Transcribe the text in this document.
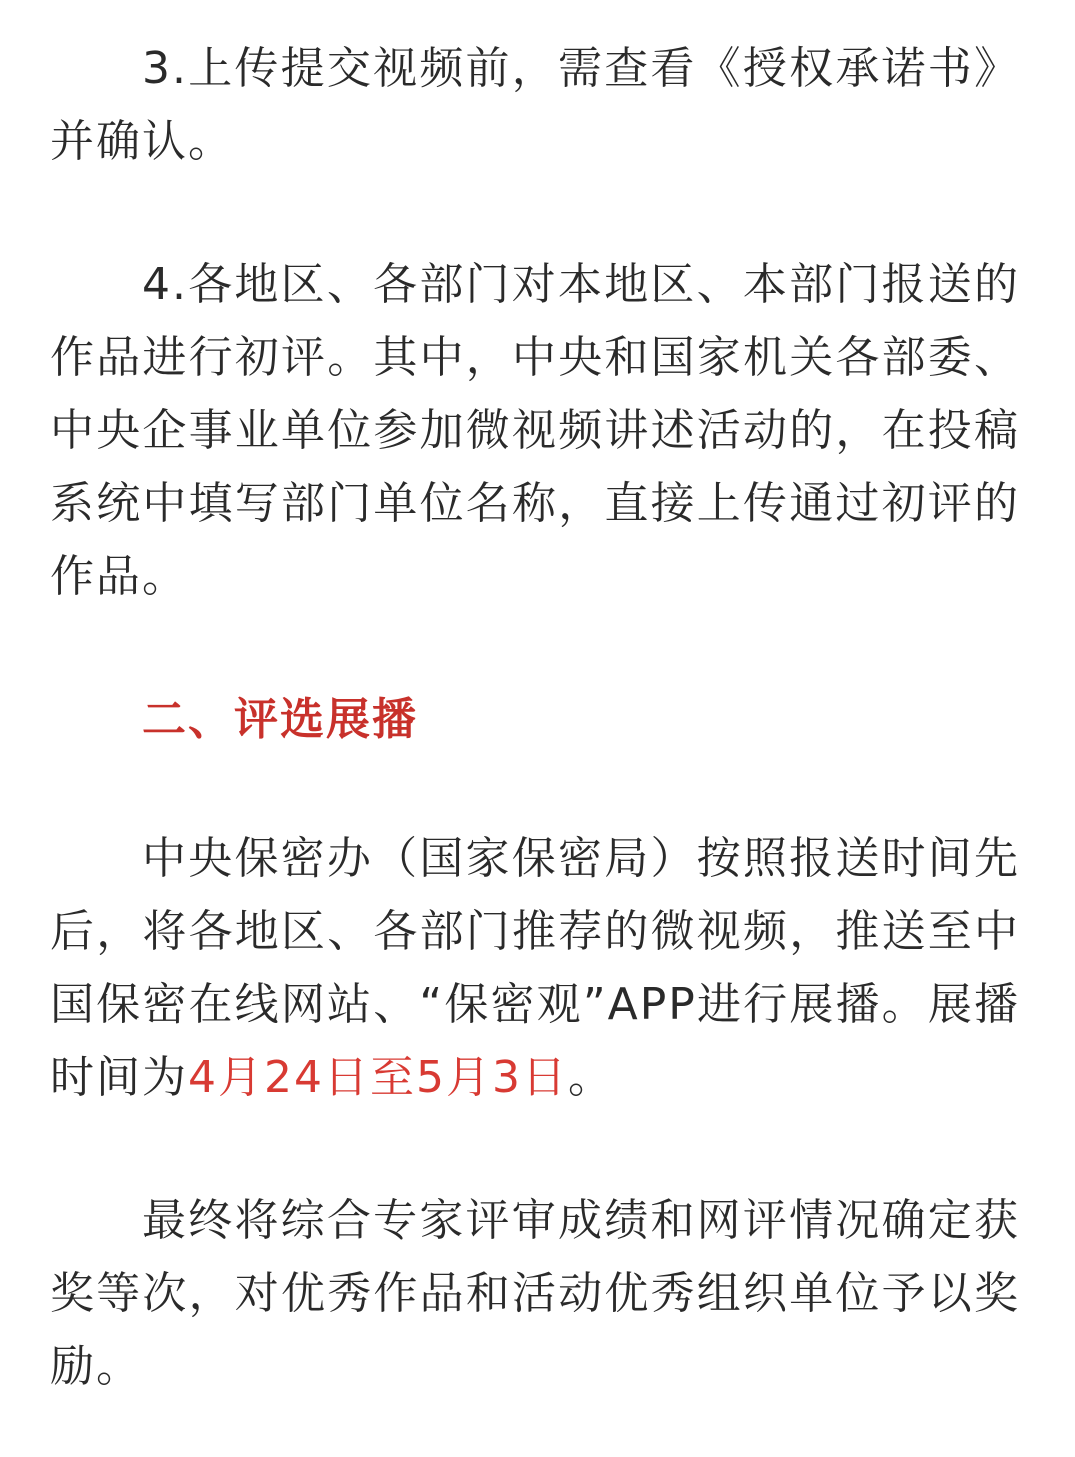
3.上传提交视频前，需查看《授权承诺书》并确认。

4.各地区、各部门对本地区、本部门报送的作品进行初评。其中，中央和国家机关各部委、中央企事业单位参加微视频讲述活动的，在投稿系统中填写部门单位名称，直接上传通过初评的作品。

二、评选展播

中央保密办（国家保密局）按照报送时间先后，将各地区、各部门推荐的微视频，推送至中国保密在线网站、“保密观”APP进行展播。展播时间为4月24日至5月3日。

最终将综合专家评审成绩和网评情况确定获奖等次，对优秀作品和活动优秀组织单位予以奖励。
